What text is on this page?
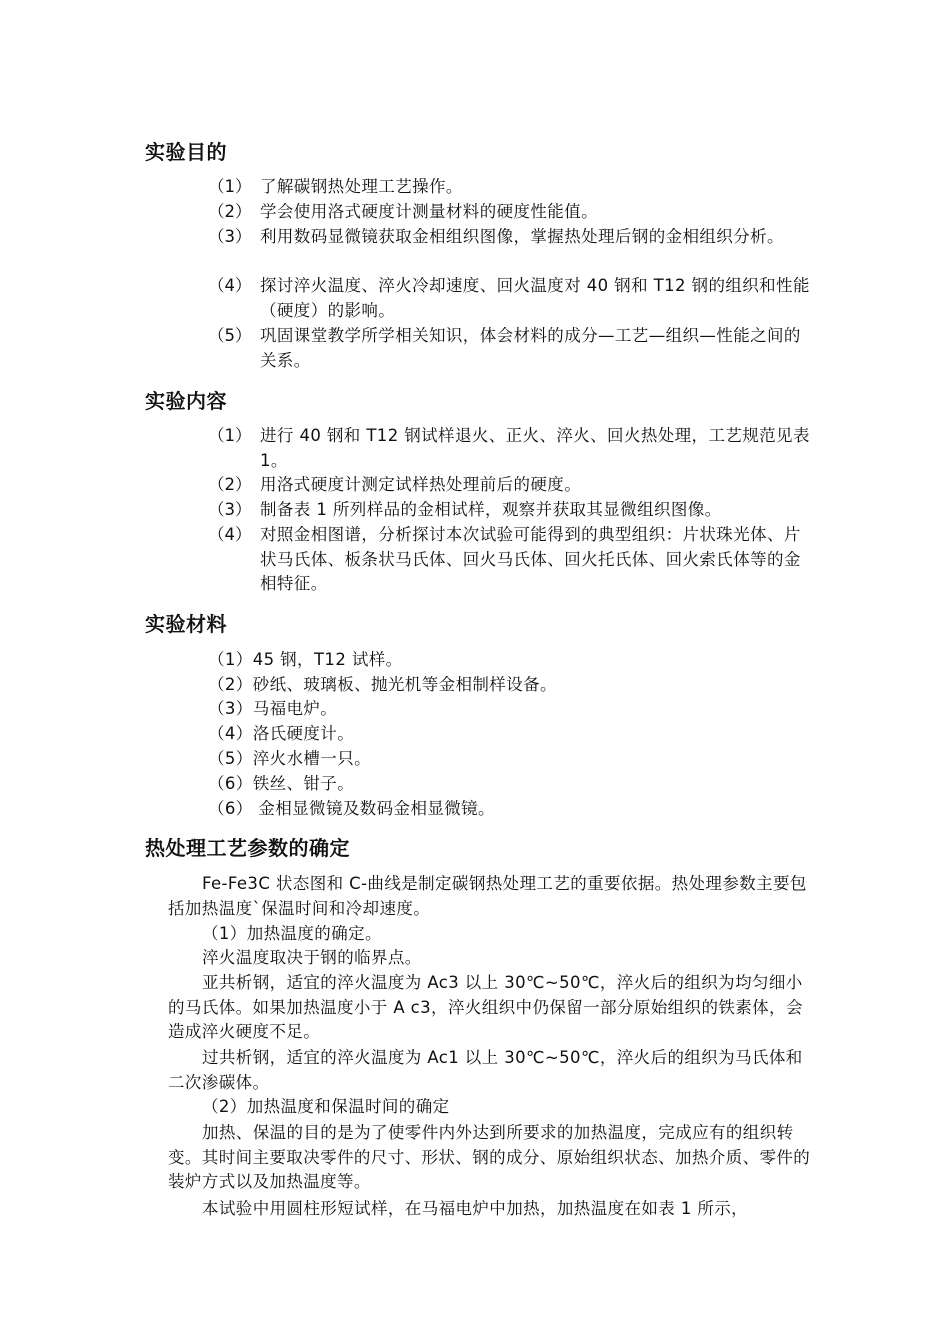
实验目的
（1） 了解碳钢热处理工艺操作。
（2） 学会使用洛式硬度计测量材料的硬度性能值。
（3） 利用数码显微镜获取金相组织图像，掌握热处理后钢的金相组织分析。
（4） 探讨淬火温度、淬火冷却速度、回火温度对 40 钢和 T12 钢的组织和性能（硬度）的影响。
（5） 巩固课堂教学所学相关知识，体会材料的成分—工艺—组织—性能之间的关系。
实验内容
（1） 进行 40 钢和 T12 钢试样退火、正火、淬火、回火热处理，工艺规范见表 1。
（2） 用洛式硬度计测定试样热处理前后的硬度。
（3） 制备表 1 所列样品的金相试样，观察并获取其显微组织图像。
（4） 对照金相图谱，分析探讨本次试验可能得到的典型组织：片状珠光体、片状马氏体、板条状马氏体、回火马氏体、回火托氏体、回火索氏体等的金相特征。
实验材料
（1）45 钢，T12 试样。
（2）砂纸、玻璃板、抛光机等金相制样设备。
（3）马福电炉。
（4）洛氏硬度计。
（5）淬火水槽一只。
（6）铁丝、钳子。
（6） 金相显微镜及数码金相显微镜。
热处理工艺参数的确定
Fe-Fe3C 状态图和 C-曲线是制定碳钢热处理工艺的重要依据。热处理参数主要包括加热温度`保温时间和冷却速度。
（1）加热温度的确定。
淬火温度取决于钢的临界点。
亚共析钢，适宜的淬火温度为 Ac3 以上 30℃~50℃，淬火后的组织为均匀细小的马氏体。如果加热温度小于 A c3，淬火组织中仍保留一部分原始组织的铁素体，会造成淬火硬度不足。
过共析钢，适宜的淬火温度为 Ac1 以上 30℃~50℃，淬火后的组织为马氏体和二次渗碳体。
（2）加热温度和保温时间的确定
加热、保温的目的是为了使零件内外达到所要求的加热温度，完成应有的组织转变。其时间主要取决零件的尺寸、形状、钢的成分、原始组织状态、加热介质、零件的装炉方式以及加热温度等。
本试验中用圆柱形短试样，在马福电炉中加热，加热温度在如表 1 所示，
